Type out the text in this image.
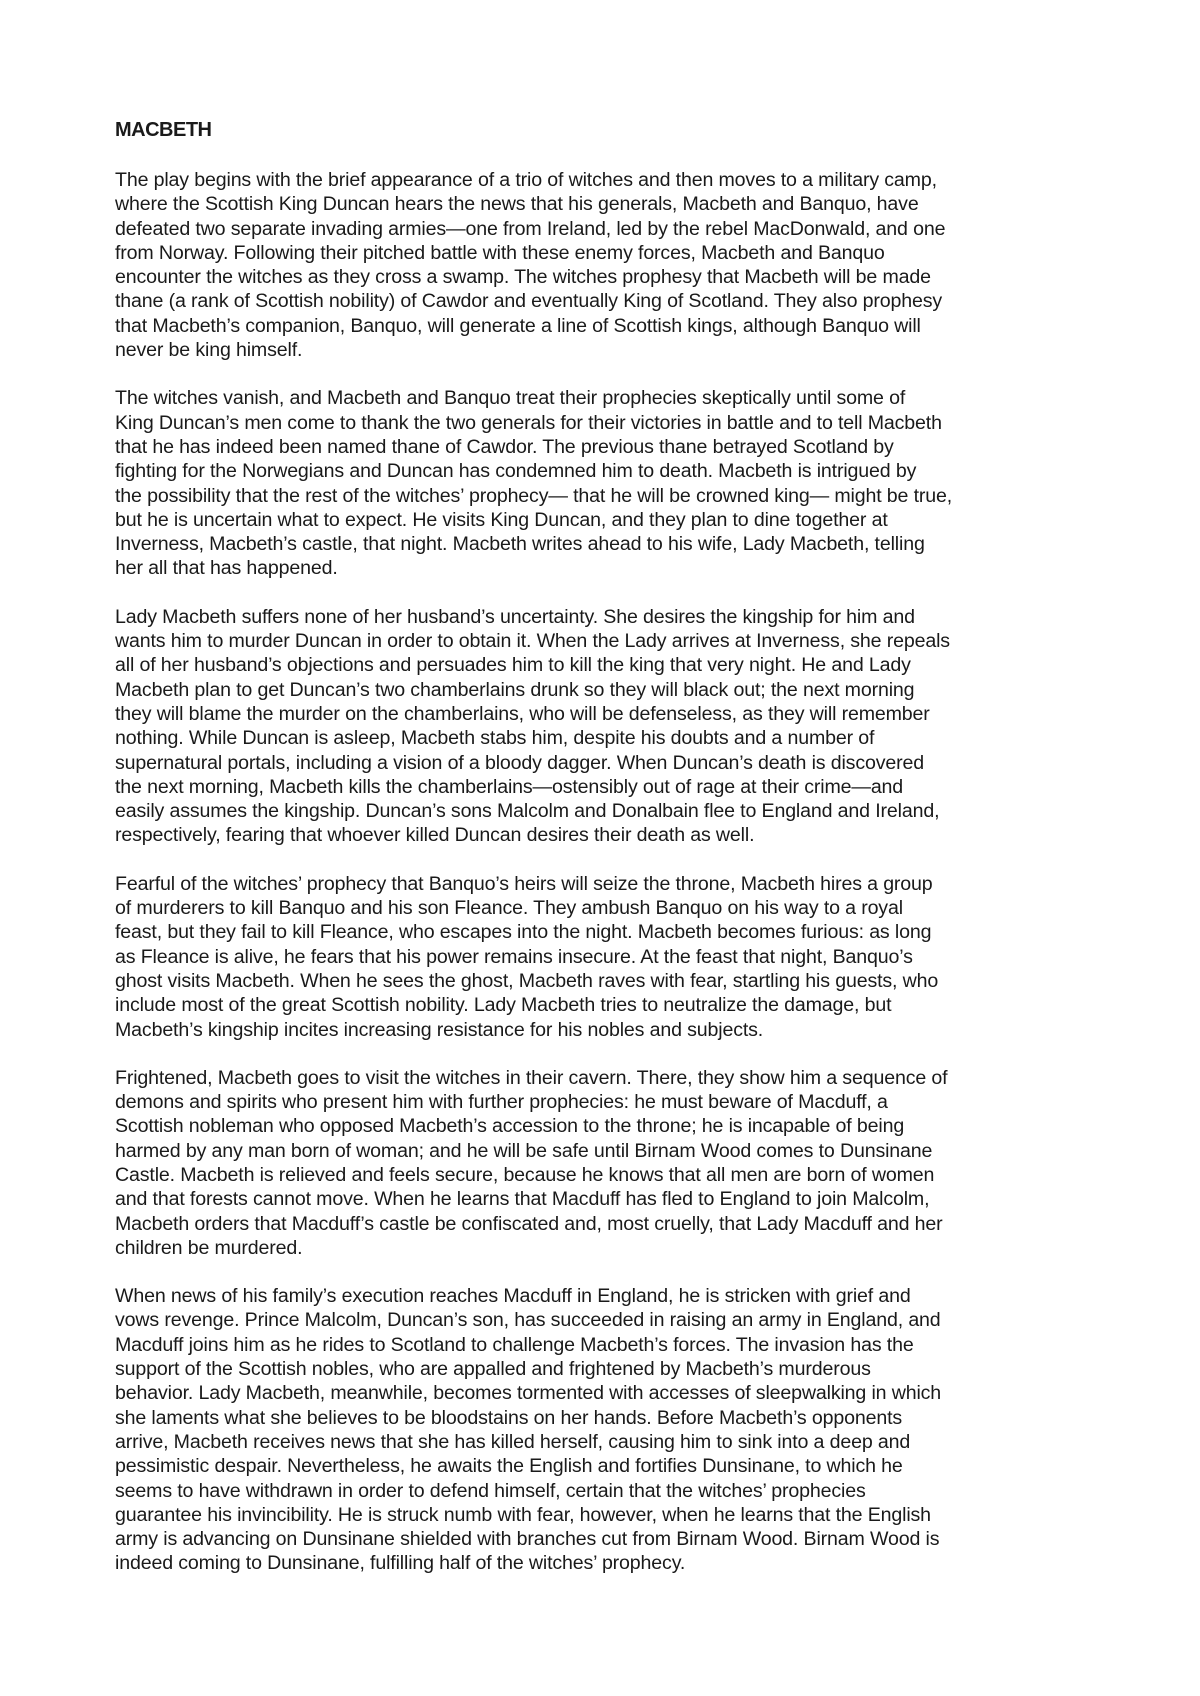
MACBETH

The play begins with the brief appearance of a trio of witches and then moves to a military camp,
where the Scottish King Duncan hears the news that his generals, Macbeth and Banquo, have
defeated two separate invading armies—one from Ireland, led by the rebel MacDonwald, and one
from Norway. Following their pitched battle with these enemy forces, Macbeth and Banquo
encounter the witches as they cross a swamp. The witches prophesy that Macbeth will be made
thane (a rank of Scottish nobility) of Cawdor and eventually King of Scotland. They also prophesy
that Macbeth’s companion, Banquo, will generate a line of Scottish kings, although Banquo will
never be king himself.

The witches vanish, and Macbeth and Banquo treat their prophecies skeptically until some of
King Duncan’s men come to thank the two generals for their victories in battle and to tell Macbeth
that he has indeed been named thane of Cawdor. The previous thane betrayed Scotland by
fighting for the Norwegians and Duncan has condemned him to death. Macbeth is intrigued by
the possibility that the rest of the witches’ prophecy— that he will be crowned king— might be true,
but he is uncertain what to expect. He visits King Duncan, and they plan to dine together at
Inverness, Macbeth’s castle, that night. Macbeth writes ahead to his wife, Lady Macbeth, telling
her all that has happened.

Lady Macbeth suffers none of her husband’s uncertainty. She desires the kingship for him and
wants him to murder Duncan in order to obtain it. When the Lady arrives at Inverness, she repeals
all of her husband’s objections and persuades him to kill the king that very night. He and Lady
Macbeth plan to get Duncan’s two chamberlains drunk so they will black out; the next morning
they will blame the murder on the chamberlains, who will be defenseless, as they will remember
nothing. While Duncan is asleep, Macbeth stabs him, despite his doubts and a number of
supernatural portals, including a vision of a bloody dagger. When Duncan’s death is discovered
the next morning, Macbeth kills the chamberlains—ostensibly out of rage at their crime—and
easily assumes the kingship. Duncan’s sons Malcolm and Donalbain flee to England and Ireland,
respectively, fearing that whoever killed Duncan desires their death as well.

Fearful of the witches’ prophecy that Banquo’s heirs will seize the throne, Macbeth hires a group
of murderers to kill Banquo and his son Fleance. They ambush Banquo on his way to a royal
feast, but they fail to kill Fleance, who escapes into the night. Macbeth becomes furious: as long
as Fleance is alive, he fears that his power remains insecure. At the feast that night, Banquo’s
ghost visits Macbeth. When he sees the ghost, Macbeth raves with fear, startling his guests, who
include most of the great Scottish nobility. Lady Macbeth tries to neutralize the damage, but
Macbeth’s kingship incites increasing resistance for his nobles and subjects.

Frightened, Macbeth goes to visit the witches in their cavern. There, they show him a sequence of
demons and spirits who present him with further prophecies: he must beware of Macduff, a
Scottish nobleman who opposed Macbeth’s accession to the throne; he is incapable of being
harmed by any man born of woman; and he will be safe until Birnam Wood comes to Dunsinane
Castle. Macbeth is relieved and feels secure, because he knows that all men are born of women
and that forests cannot move. When he learns that Macduff has fled to England to join Malcolm,
Macbeth orders that Macduff’s castle be confiscated and, most cruelly, that Lady Macduff and her
children be murdered.

When news of his family’s execution reaches Macduff in England, he is stricken with grief and
vows revenge. Prince Malcolm, Duncan’s son, has succeeded in raising an army in England, and
Macduff joins him as he rides to Scotland to challenge Macbeth’s forces. The invasion has the
support of the Scottish nobles, who are appalled and frightened by Macbeth’s murderous
behavior. Lady Macbeth, meanwhile, becomes tormented with accesses of sleepwalking in which
she laments what she believes to be bloodstains on her hands. Before Macbeth’s opponents
arrive, Macbeth receives news that she has killed herself, causing him to sink into a deep and
pessimistic despair. Nevertheless, he awaits the English and fortifies Dunsinane, to which he
seems to have withdrawn in order to defend himself, certain that the witches’ prophecies
guarantee his invincibility. He is struck numb with fear, however, when he learns that the English
army is advancing on Dunsinane shielded with branches cut from Birnam Wood. Birnam Wood is
indeed coming to Dunsinane, fulfilling half of the witches’ prophecy.
